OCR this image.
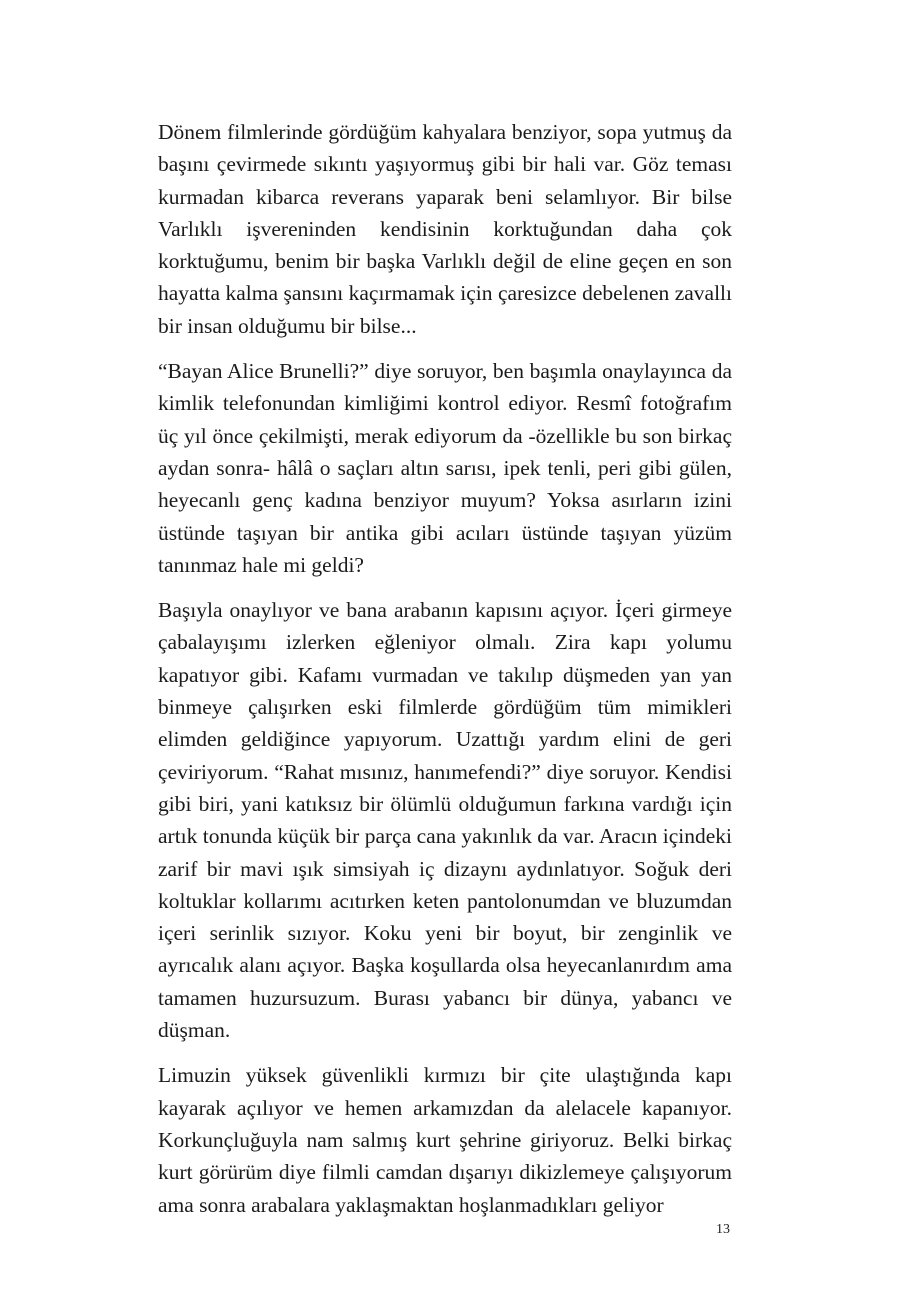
Dönem filmlerinde gördüğüm kahyalara benziyor, sopa yutmuş da başını çevirmede sıkıntı yaşıyormuş gibi bir hali var. Göz teması kurmadan kibarca reverans yaparak beni selamlıyor. Bir bilse Varlıklı işvereninden kendisinin korktuğundan daha çok korktuğumu, benim bir başka Varlıklı değil de eline geçen en son hayatta kalma şansını kaçırmamak için çaresizce debelenen zavallı bir insan olduğumu bir bilse...

“Bayan Alice Brunelli?” diye soruyor, ben başımla onaylayınca da kimlik telefonundan kimliğimi kontrol ediyor. Resmî fotoğrafım üç yıl önce çekilmişti, merak ediyorum da -özellikle bu son birkaç aydan sonra- hâlâ o saçları altın sarısı, ipek tenli, peri gibi gülen, heyecanlı genç kadına benziyor muyum? Yoksa asırların izini üstünde taşıyan bir antika gibi acıları üstünde taşıyan yüzüm tanınmaz hale mi geldi?

Başıyla onaylıyor ve bana arabanın kapısını açıyor. İçeri girmeye çabalayışımı izlerken eğleniyor olmalı. Zira kapı yolumu kapatıyor gibi. Kafamı vurmadan ve takılıp düşmeden yan yan binmeye çalışırken eski filmlerde gördüğüm tüm mimikleri elimden geldiğince yapıyorum. Uzattığı yardım elini de geri çeviriyorum. “Rahat mısınız, hanımefendi?” diye soruyor. Kendisi gibi biri, yani katıksız bir ölümlü olduğumun farkına vardığı için artık tonunda küçük bir parça cana yakınlık da var. Aracın içindeki zarif bir mavi ışık simsiyah iç dizaynı aydınlatıyor. Soğuk deri koltuklar kollarımı acıtırken keten pantolonumdan ve bluzumdan içeri serinlik sızıyor. Koku yeni bir boyut, bir zenginlik ve ayrıcalık alanı açıyor. Başka koşullarda olsa heyecanlanırdım ama tamamen huzursuzum. Burası yabancı bir dünya, yabancı ve düşman.

Limuzin yüksek güvenlikli kırmızı bir çite ulaştığında kapı kayarak açılıyor ve hemen arkamızdan da alelacele kapanıyor. Korkunçluğuyla nam salmış kurt şehrine giriyoruz. Belki birkaç kurt görürüm diye filmli camdan dışarıyı dikizlemeye çalışıyorum ama sonra arabalara yaklaşmaktan hoşlanmadıkları geliyor

13
